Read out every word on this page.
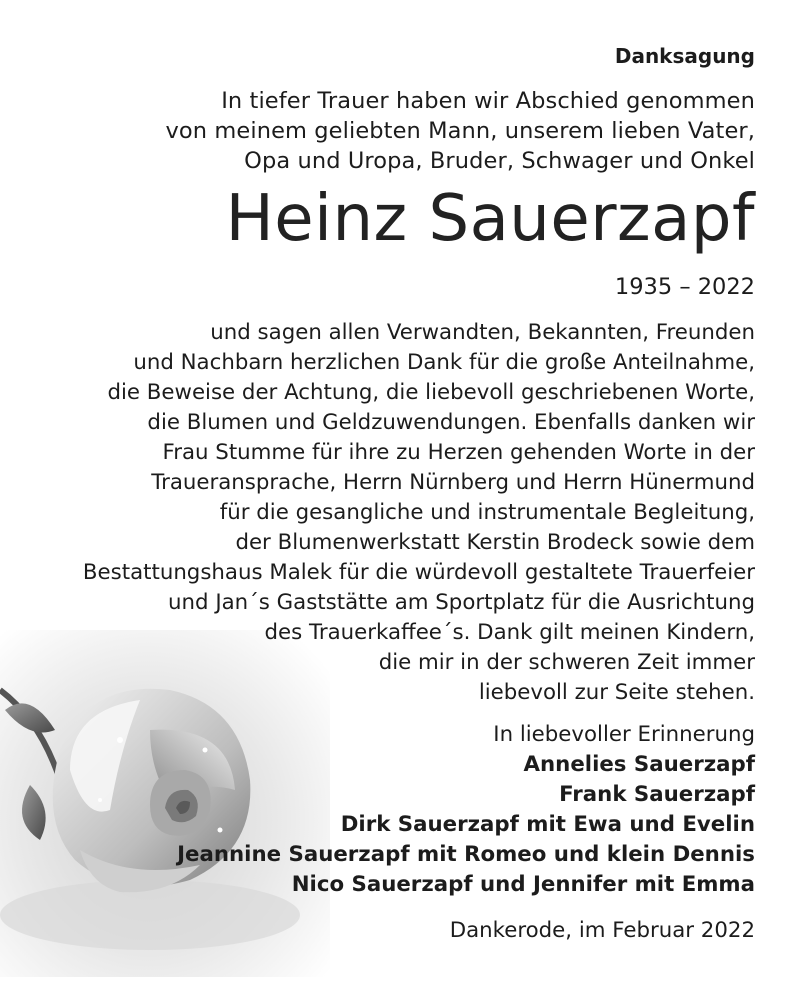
Danksagung
In tiefer Trauer haben wir Abschied genommen
von meinem geliebten Mann, unserem lieben Vater,
Opa und Uropa, Bruder, Schwager und Onkel
Heinz Sauerzapf
1935 – 2022
und sagen allen Verwandten, Bekannten, Freunden
und Nachbarn herzlichen Dank für die große Anteilnahme,
die Beweise der Achtung, die liebevoll geschriebenen Worte,
die Blumen und Geldzuwendungen. Ebenfalls danken wir
Frau Stumme für ihre zu Herzen gehenden Worte in der
Traueransprache, Herrn Nürnberg und Herrn Hünermund
für die gesangliche und instrumentale Begleitung,
der Blumenwerkstatt Kerstin Brodeck sowie dem
Bestattungshaus Malek für die würdevoll gestaltete Trauerfeier
und Jan´s Gaststätte am Sportplatz für die Ausrichtung
des Trauerkaffee´s. Dank gilt meinen Kindern,
die mir in der schweren Zeit immer
liebevoll zur Seite stehen.
In liebevoller Erinnerung
Annelies Sauerzapf
Frank Sauerzapf
Dirk Sauerzapf mit Ewa und Evelin
Jeannine Sauerzapf mit Romeo und klein Dennis
Nico Sauerzapf und Jennifer mit Emma
Dankerode, im Februar 2022
